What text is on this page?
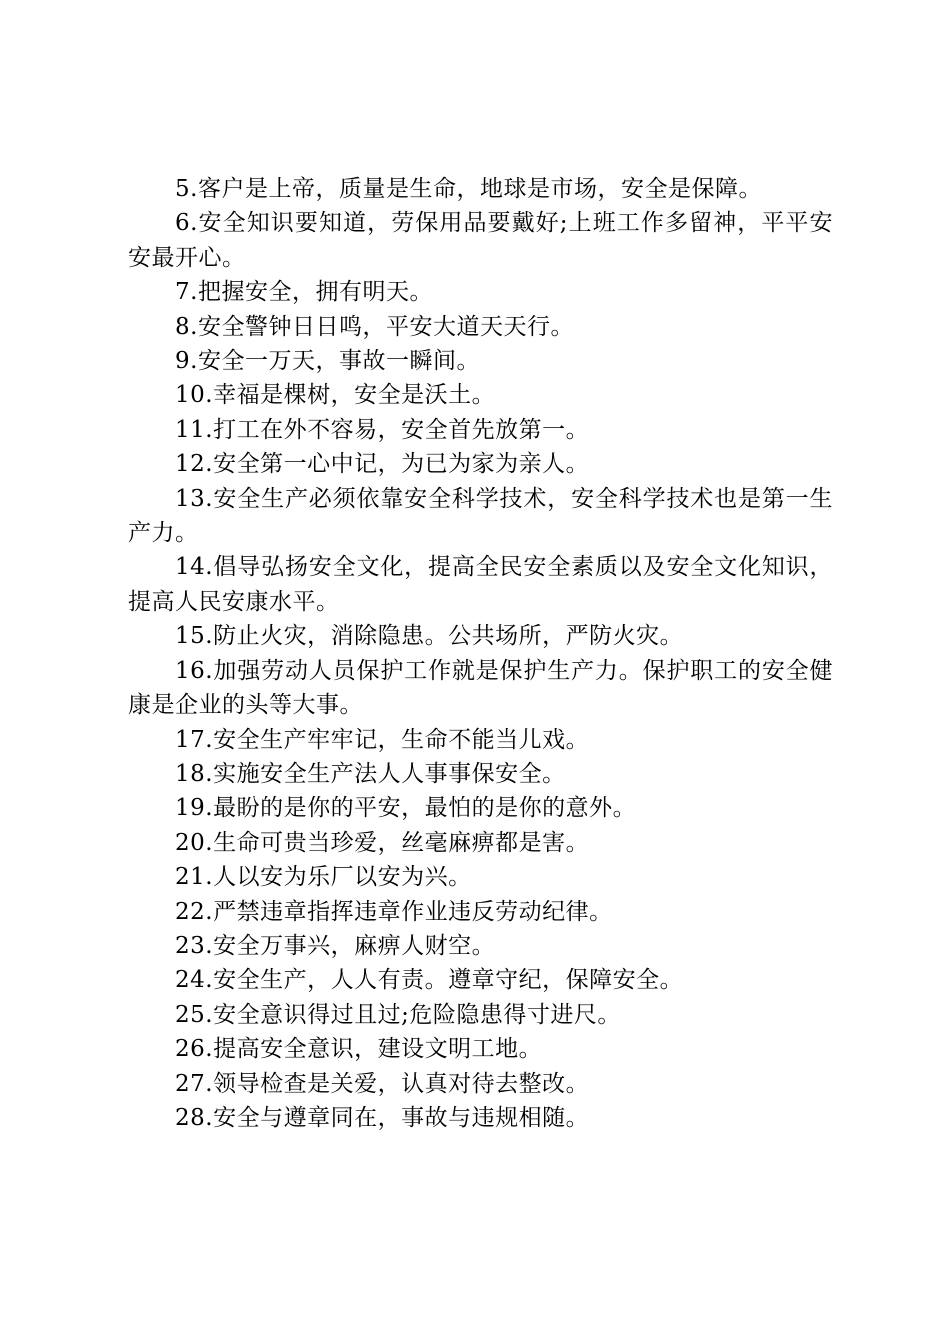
5.客户是上帝，质量是生命，地球是市场，安全是保障。

6.安全知识要知道，劳保用品要戴好;上班工作多留神，平平安安最开心。

7.把握安全，拥有明天。

8.安全警钟日日鸣，平安大道天天行。

9.安全一万天，事故一瞬间。

10.幸福是棵树，安全是沃土。

11.打工在外不容易，安全首先放第一。

12.安全第一心中记，为已为家为亲人。

13.安全生产必须依靠安全科学技术，安全科学技术也是第一生产力。

14.倡导弘扬安全文化，提高全民安全素质以及安全文化知识，提高人民安康水平。

15.防止火灾，消除隐患。公共场所，严防火灾。

16.加强劳动人员保护工作就是保护生产力。保护职工的安全健康是企业的头等大事。

17.安全生产牢牢记，生命不能当儿戏。

18.实施安全生产法人人事事保安全。

19.最盼的是你的平安，最怕的是你的意外。

20.生命可贵当珍爱，丝毫麻痹都是害。

21.人以安为乐厂以安为兴。

22.严禁违章指挥违章作业违反劳动纪律。

23.安全万事兴，麻痹人财空。

24.安全生产，人人有责。遵章守纪，保障安全。

25.安全意识得过且过;危险隐患得寸进尺。

26.提高安全意识，建设文明工地。

27.领导检查是关爱，认真对待去整改。

28.安全与遵章同在，事故与违规相随。
